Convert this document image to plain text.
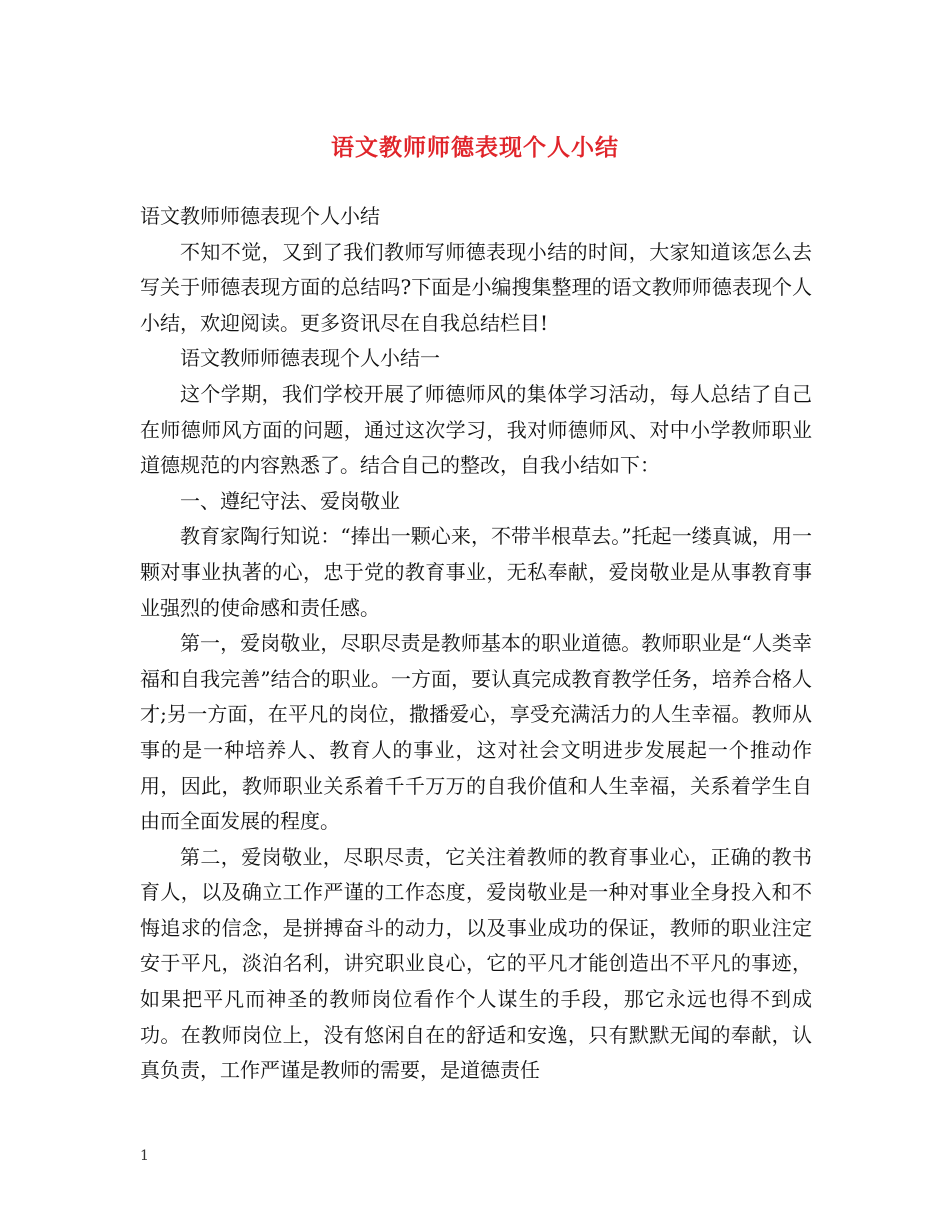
语文教师师德表现个人小结

语文教师师德表现个人小结

不知不觉，又到了我们教师写师德表现小结的时间，大家知道该怎么去写关于师德表现方面的总结吗?下面是小编搜集整理的语文教师师德表现个人小结，欢迎阅读。更多资讯尽在自我总结栏目!

语文教师师德表现个人小结一

这个学期，我们学校开展了师德师风的集体学习活动，每人总结了自己在师德师风方面的问题，通过这次学习，我对师德师风、对中小学教师职业道德规范的内容熟悉了。结合自己的整改，自我小结如下：

一、遵纪守法、爱岗敬业

教育家陶行知说：“捧出一颗心来，不带半根草去。”托起一缕真诚，用一颗对事业执著的心，忠于党的教育事业，无私奉献，爱岗敬业是从事教育事业强烈的使命感和责任感。

第一，爱岗敬业，尽职尽责是教师基本的职业道德。教师职业是“人类幸福和自我完善”结合的职业。一方面，要认真完成教育教学任务，培养合格人才;另一方面，在平凡的岗位，撒播爱心，享受充满活力的人生幸福。教师从事的是一种培养人、教育人的事业，这对社会文明进步发展起一个推动作用，因此，教师职业关系着千千万万的自我价值和人生幸福，关系着学生自由而全面发展的程度。

第二，爱岗敬业，尽职尽责，它关注着教师的教育事业心，正确的教书育人，以及确立工作严谨的工作态度，爱岗敬业是一种对事业全身投入和不悔追求的信念，是拼搏奋斗的动力，以及事业成功的保证，教师的职业注定安于平凡，淡泊名利，讲究职业良心，它的平凡才能创造出不平凡的事迹，如果把平凡而神圣的教师岗位看作个人谋生的手段，那它永远也得不到成功。在教师岗位上，没有悠闲自在的舒适和安逸，只有默默无闻的奉献，认真负责，工作严谨是教师的需要，是道德责任

1
